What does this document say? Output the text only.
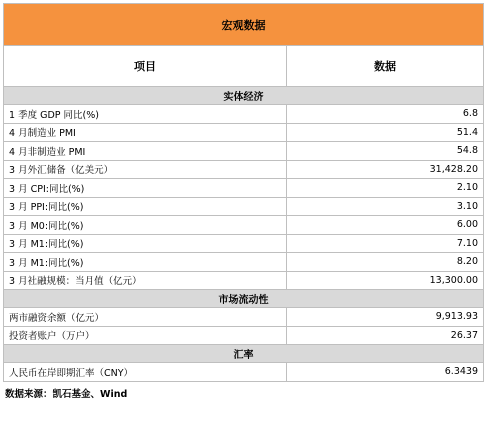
宏观数据	
项目	数据
实体经济	
1 季度 GDP 同比(%)	6.8
4 月制造业 PMI	51.4
4 月非制造业 PMI	54.8
3 月外汇储备（亿美元）	31,428.20
3 月 CPI:同比(%)	2.10
3 月 PPI:同比(%)	3.10
3 月 M0:同比(%)	6.00
3 月 M1:同比(%)	7.10
3 月 M1:同比(%)	8.20
3 月社融规模：当月值（亿元）	13,300.00
市场流动性	
两市融资余额（亿元）	9,913.93
投资者账户（万户）	26.37
汇率	
人民币在岸即期汇率（CNY）	6.3439
数据来源：凯石基金、Wind
